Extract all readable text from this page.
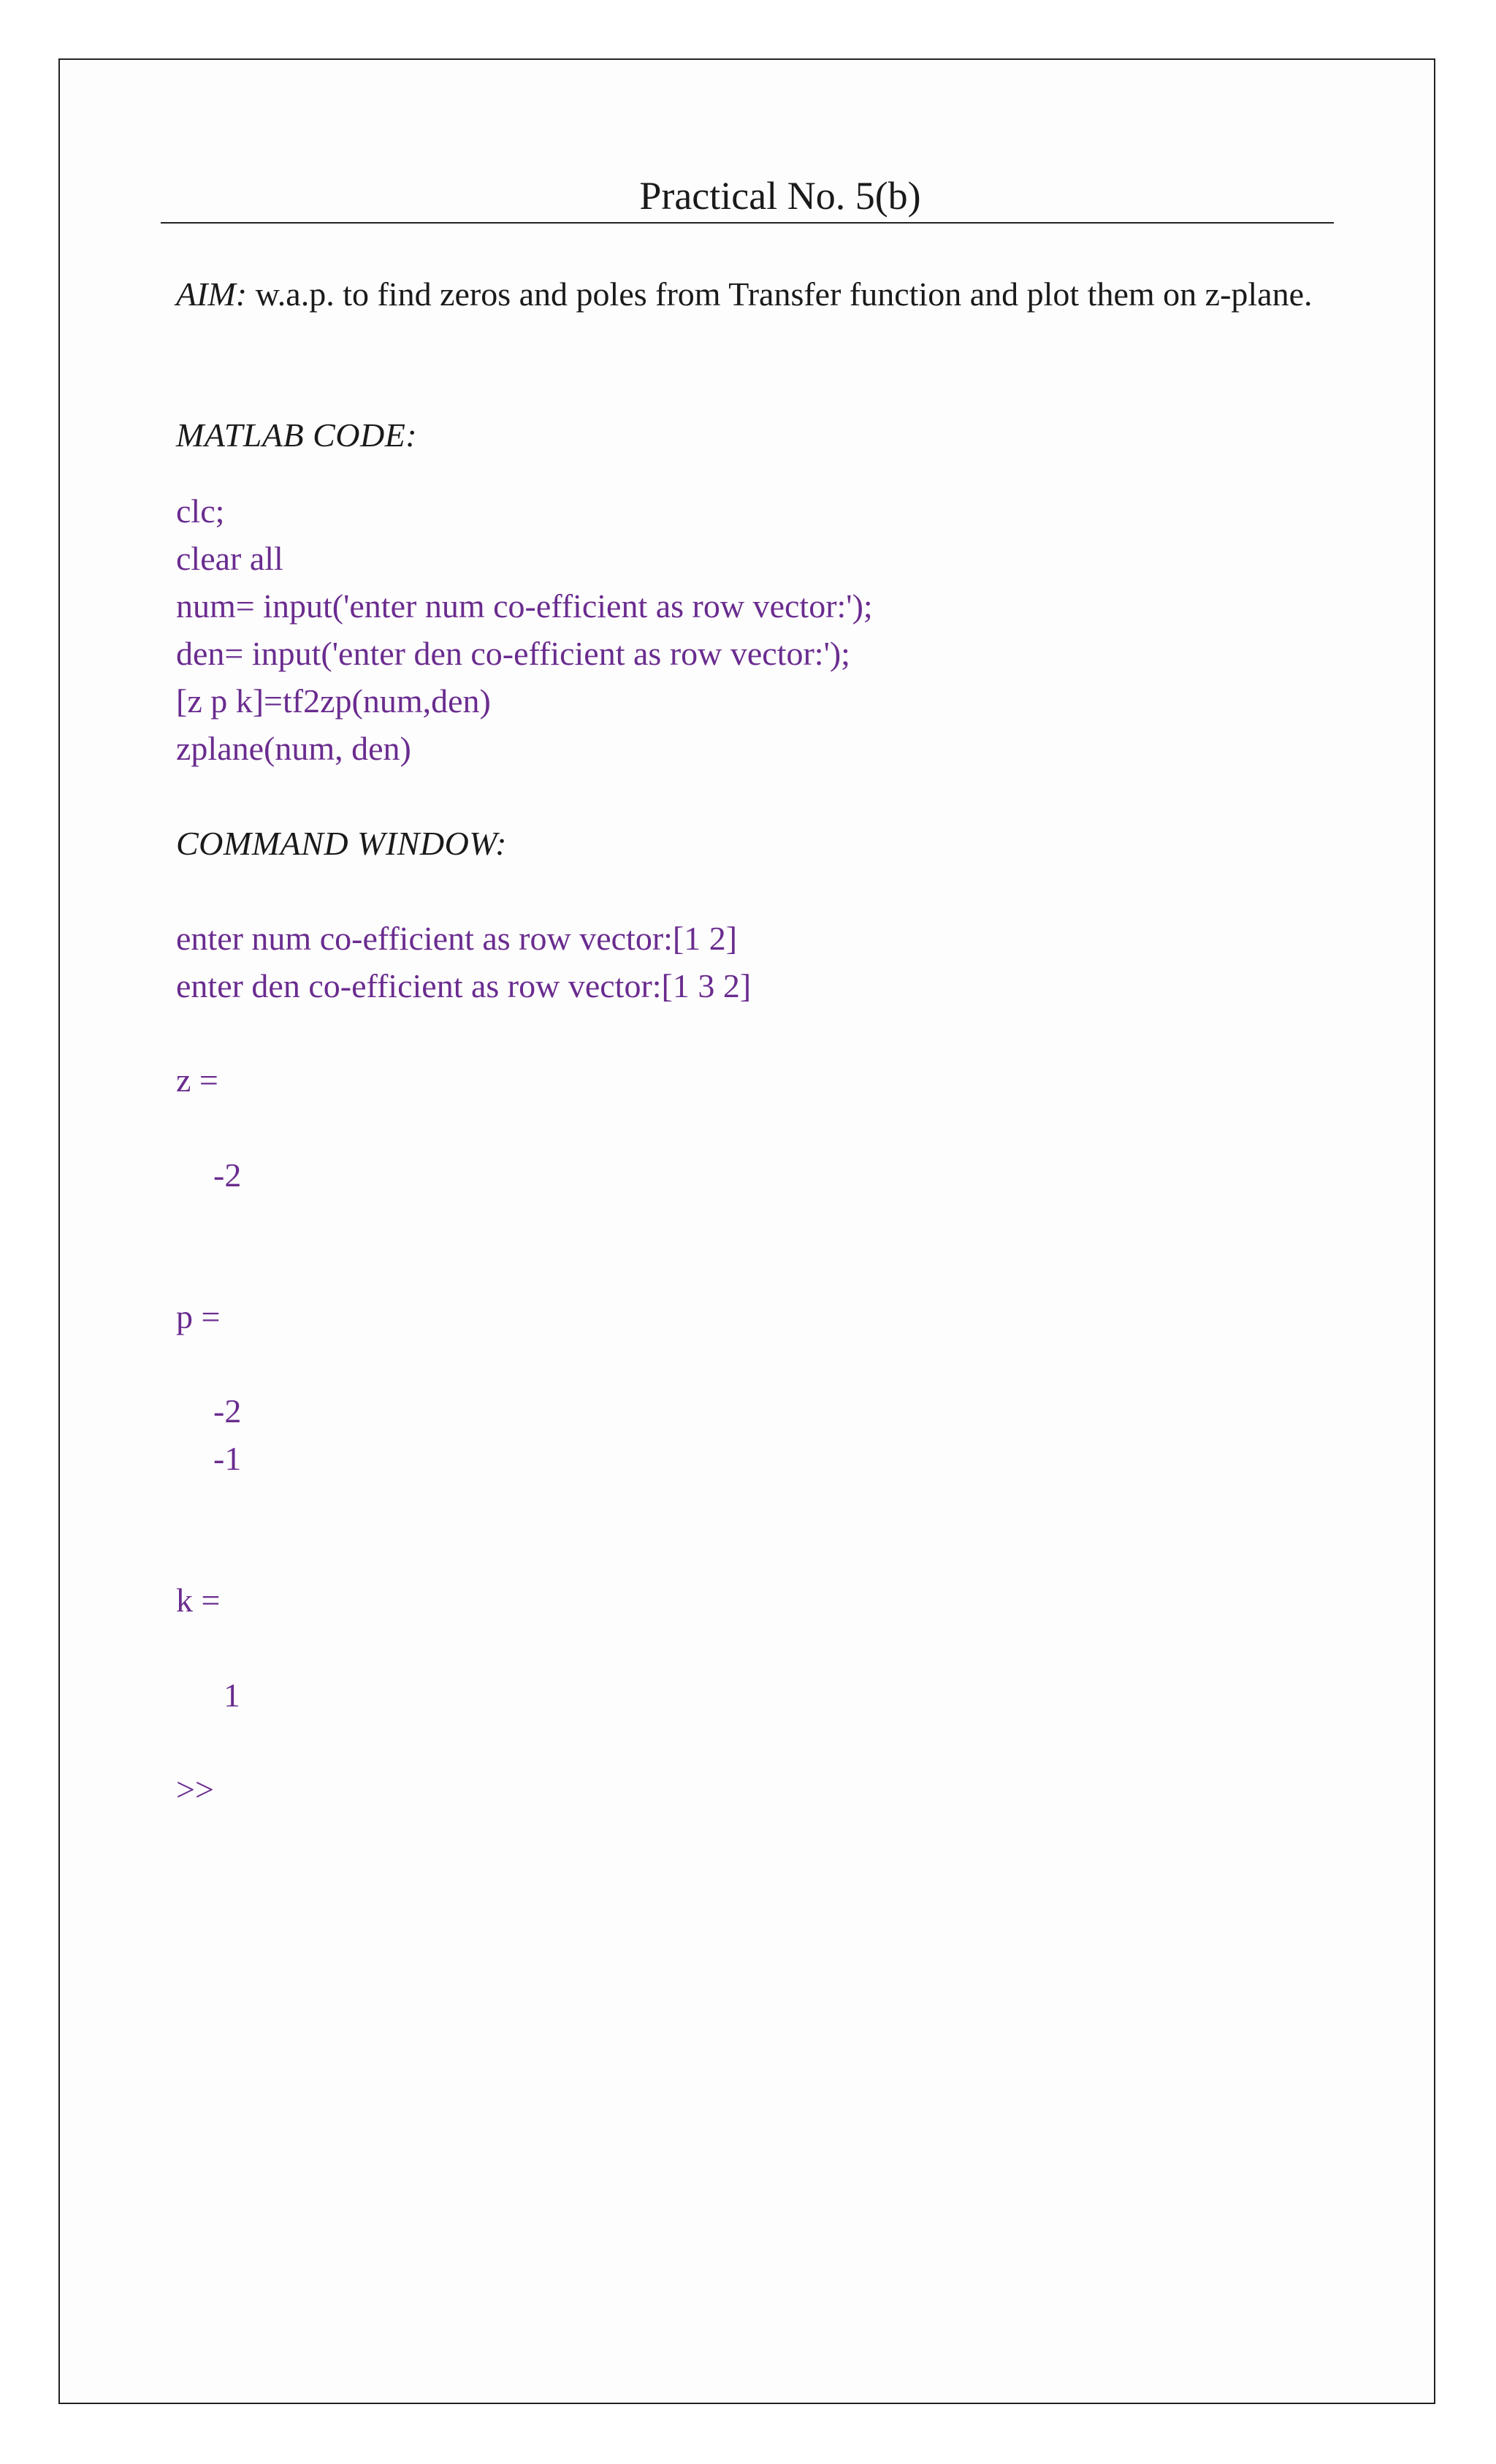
Practical No. 5(b)
AIM: w.a.p. to find zeros and poles from Transfer function and plot them on z-plane.
MATLAB CODE:
clc;
clear all
num= input('enter num co-efficient as row vector:');
den= input('enter den co-efficient as row vector:');
[z p k]=tf2zp(num,den)
zplane(num, den)
COMMAND WINDOW:
enter num co-efficient as row vector:[1 2]
enter den co-efficient as row vector:[1 3 2]
z =
-2
p =
-2
-1
k =
1
>>
